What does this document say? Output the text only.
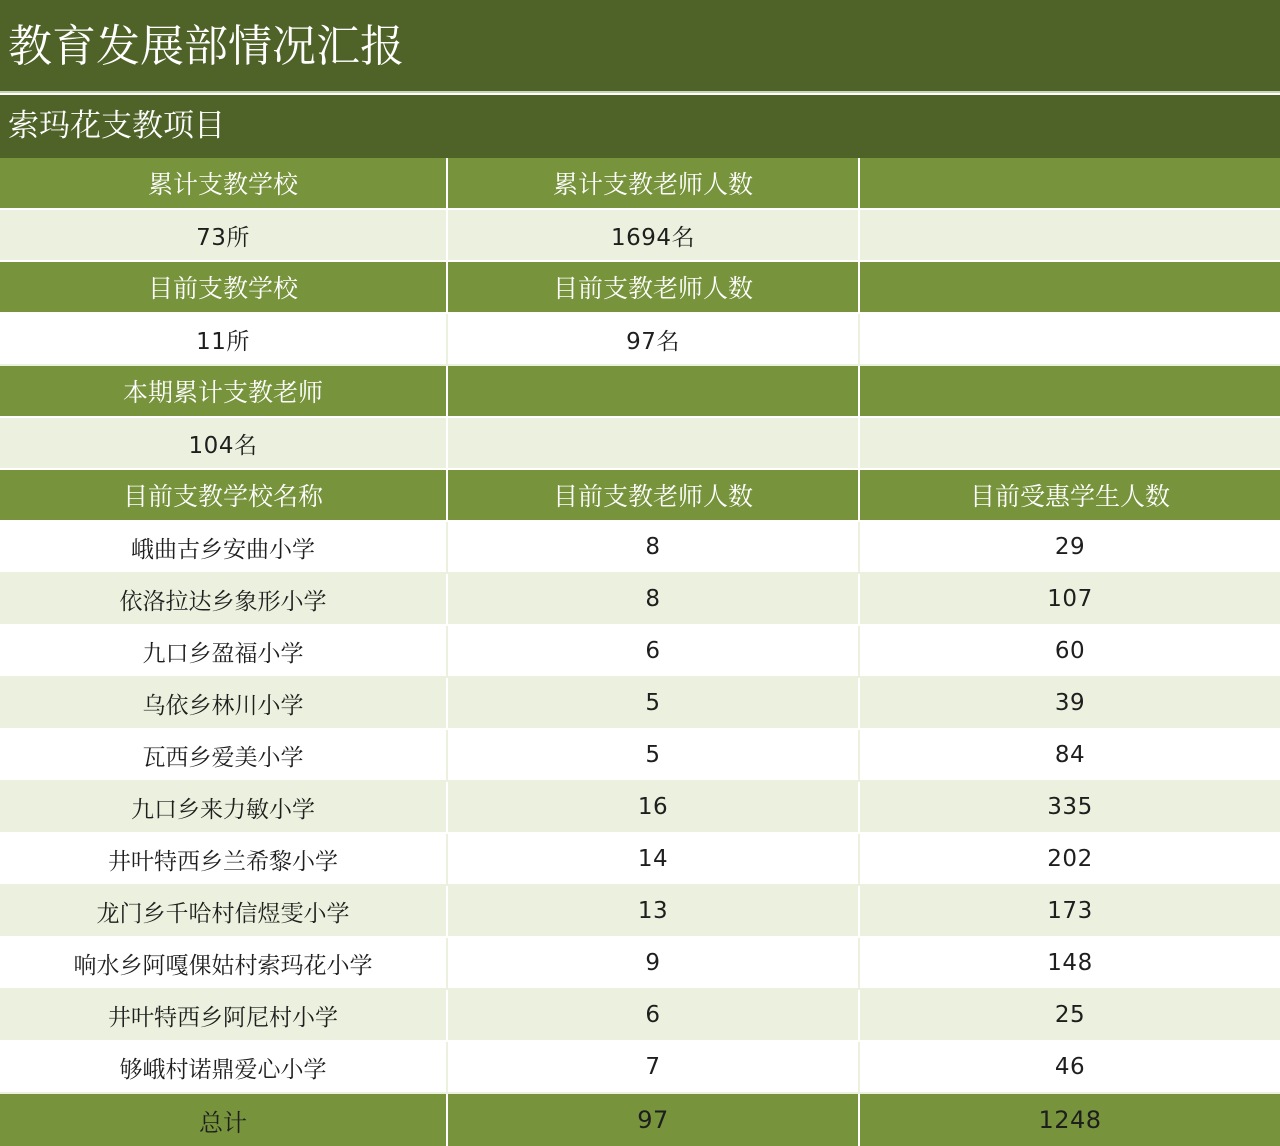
教育发展部情况汇报
索玛花支教项目
累计支教学校	累计支教老师人数
73所	1694名
目前支教学校	目前支教老师人数
11所	97名
本期累计支教老师
104名
目前支教学校名称	目前支教老师人数	目前受惠学生人数
峨曲古乡安曲小学	8	29
依洛拉达乡象形小学	8	107
九口乡盈福小学	6	60
乌依乡林川小学	5	39
瓦西乡爱美小学	5	84
九口乡来力敏小学	16	335
井叶特西乡兰希黎小学	14	202
龙门乡千哈村信煜雯小学	13	173
响水乡阿嘎倮姑村索玛花小学	9	148
井叶特西乡阿尼村小学	6	25
够峨村诺鼎爱心小学	7	46
总计	97	1248
